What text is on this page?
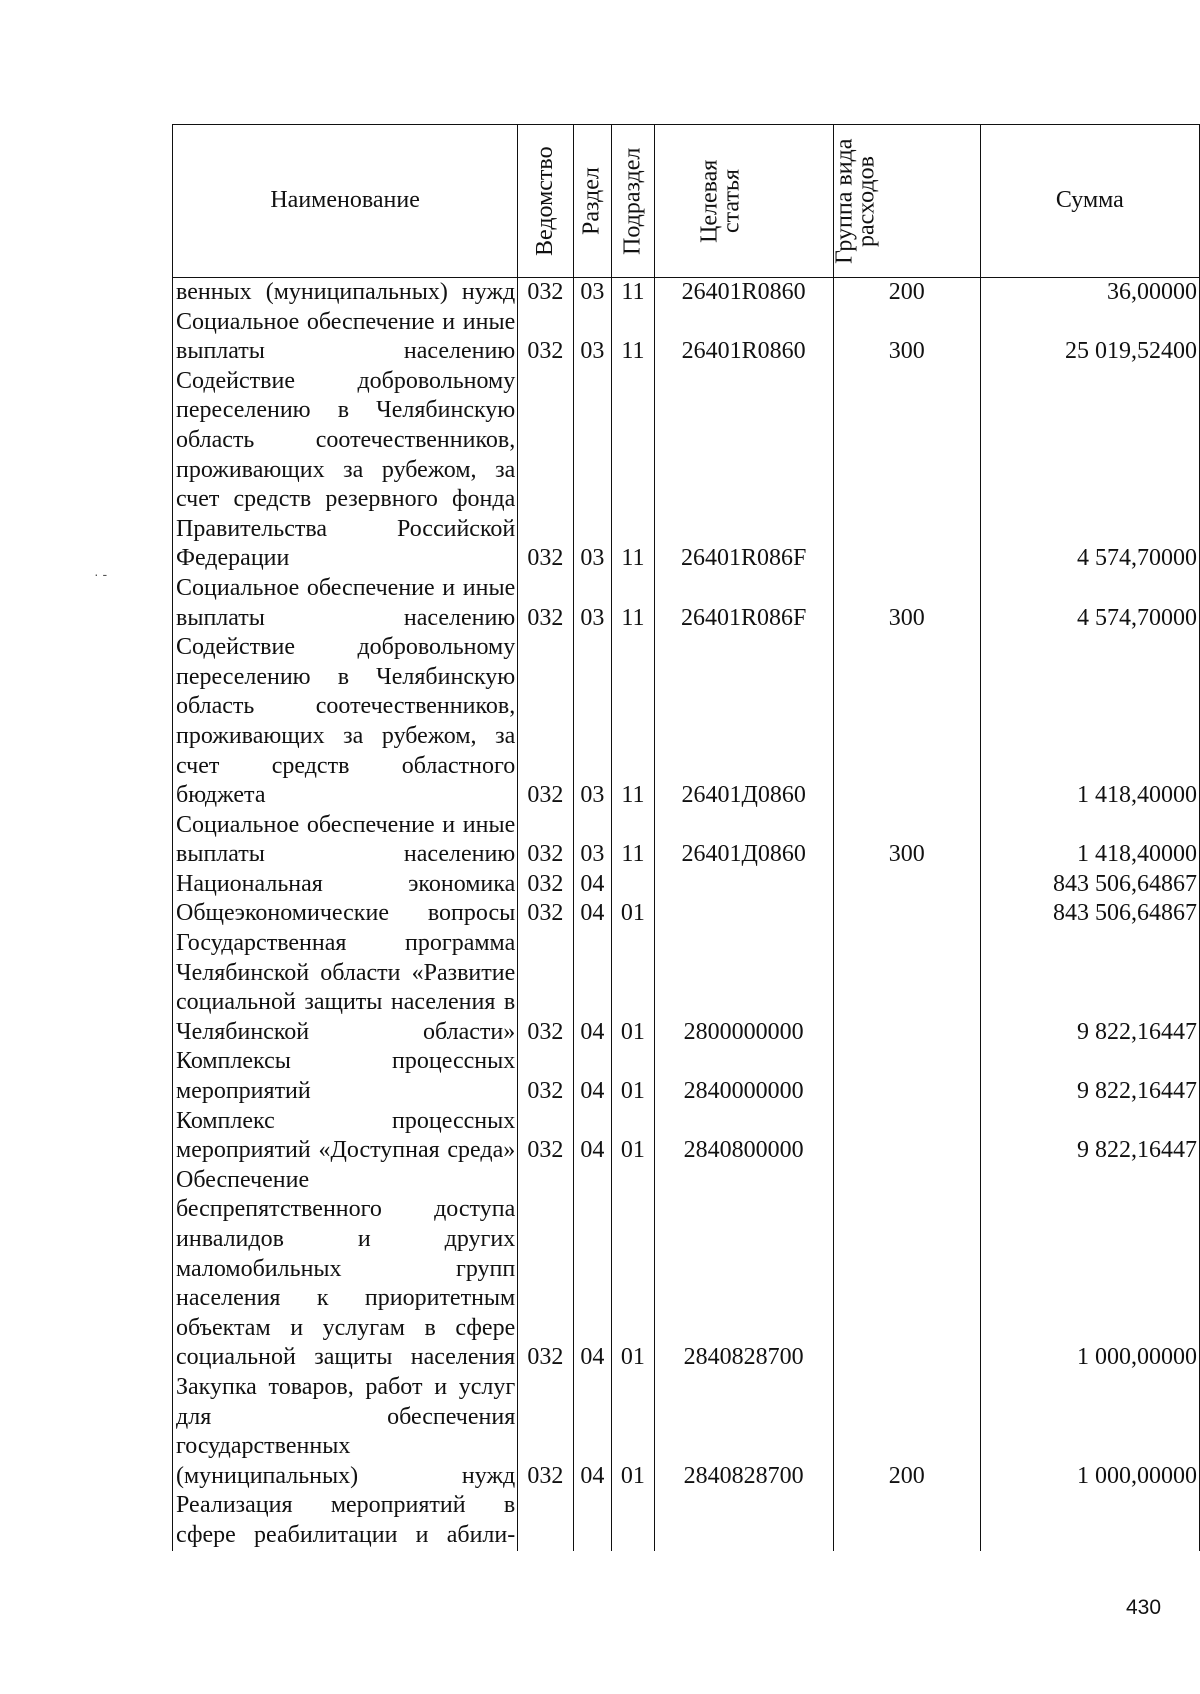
Наименование	Ведомство	Раздел	Подраздел	Целевая статья	Группа вида расходов	Сумма
венных (муниципальных) нужд	032	03	11	26401R0860	200	36,00000
Социальное обеспечение и иные выплаты населению	032	03	11	26401R0860	300	25 019,52400
Содействие добровольному переселению в Челябинскую область соотечественников, проживающих за рубежом, за счет средств резервного фонда Правительства Российской Федерации	032	03	11	26401R086F		4 574,70000
Социальное обеспечение и иные выплаты населению	032	03	11	26401R086F	300	4 574,70000
Содействие добровольному переселению в Челябинскую область соотечественников, проживающих за рубежом, за счет средств областного бюджета	032	03	11	26401Д0860		1 418,40000
Социальное обеспечение и иные выплаты населению	032	03	11	26401Д0860	300	1 418,40000
Национальная экономика	032	04				843 506,64867
Общеэкономические вопросы	032	04	01			843 506,64867
Государственная программа Челябинской области «Развитие социальной защиты населения в Челябинской области»	032	04	01	2800000000		9 822,16447
Комплексы процессных мероприятий	032	04	01	2840000000		9 822,16447
Комплекс процессных мероприятий «Доступная среда»	032	04	01	2840800000		9 822,16447
Обеспечение беспрепятственного доступа инвалидов и других маломобильных групп населения к приоритетным объектам и услугам в сфере социальной защиты населения	032	04	01	2840828700		1 000,00000
Закупка товаров, работ и услуг для обеспечения государственных (муниципальных) нужд	032	04	01	2840828700	200	1 000,00000
Реализация мероприятий в сфере реабилитации и абили-						
· -
430
